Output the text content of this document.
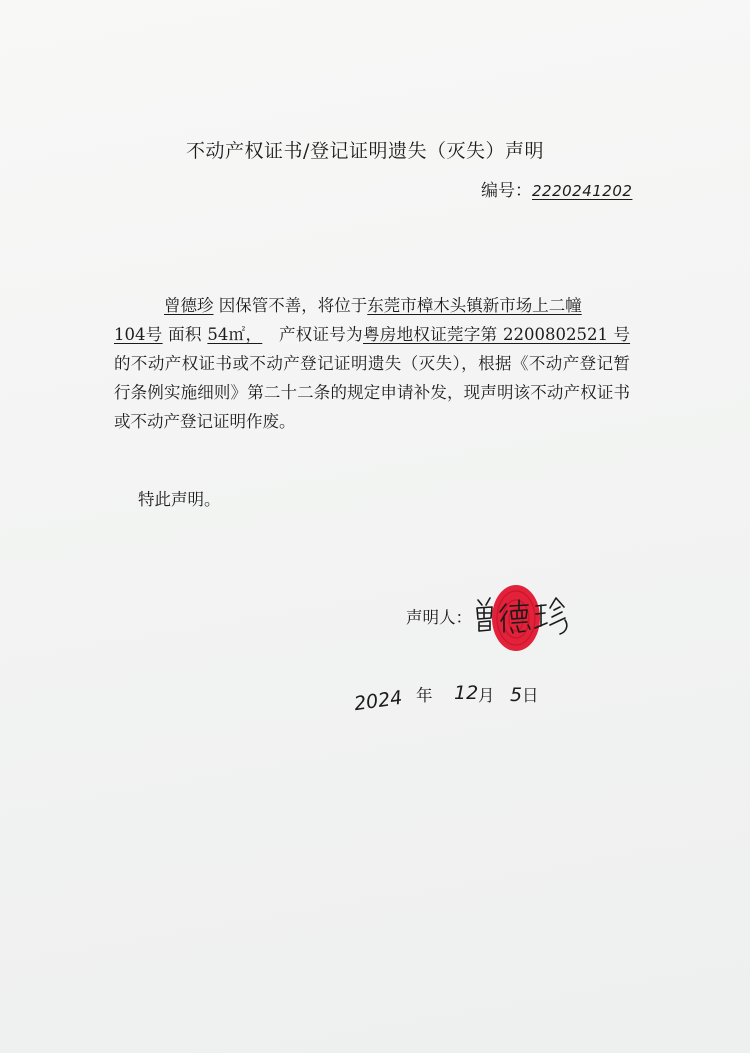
不动产权证书/登记证明遗失（灭失）声明
编号：2220241202

曾德珍 因保管不善，将位于东莞市樟木头镇新市场上二幢
104号 面积 54㎡， 产权证号为粤房地权证莞字第 2200802521 号的不动产权证书或不动产登记证明遗失（灭失），根据《不动产登记暂行条例实施细则》第二十二条的规定申请补发，现声明该不动产权证书或不动产登记证明作废。

特此声明。
声明人：
2024 年 12 月 5 日
